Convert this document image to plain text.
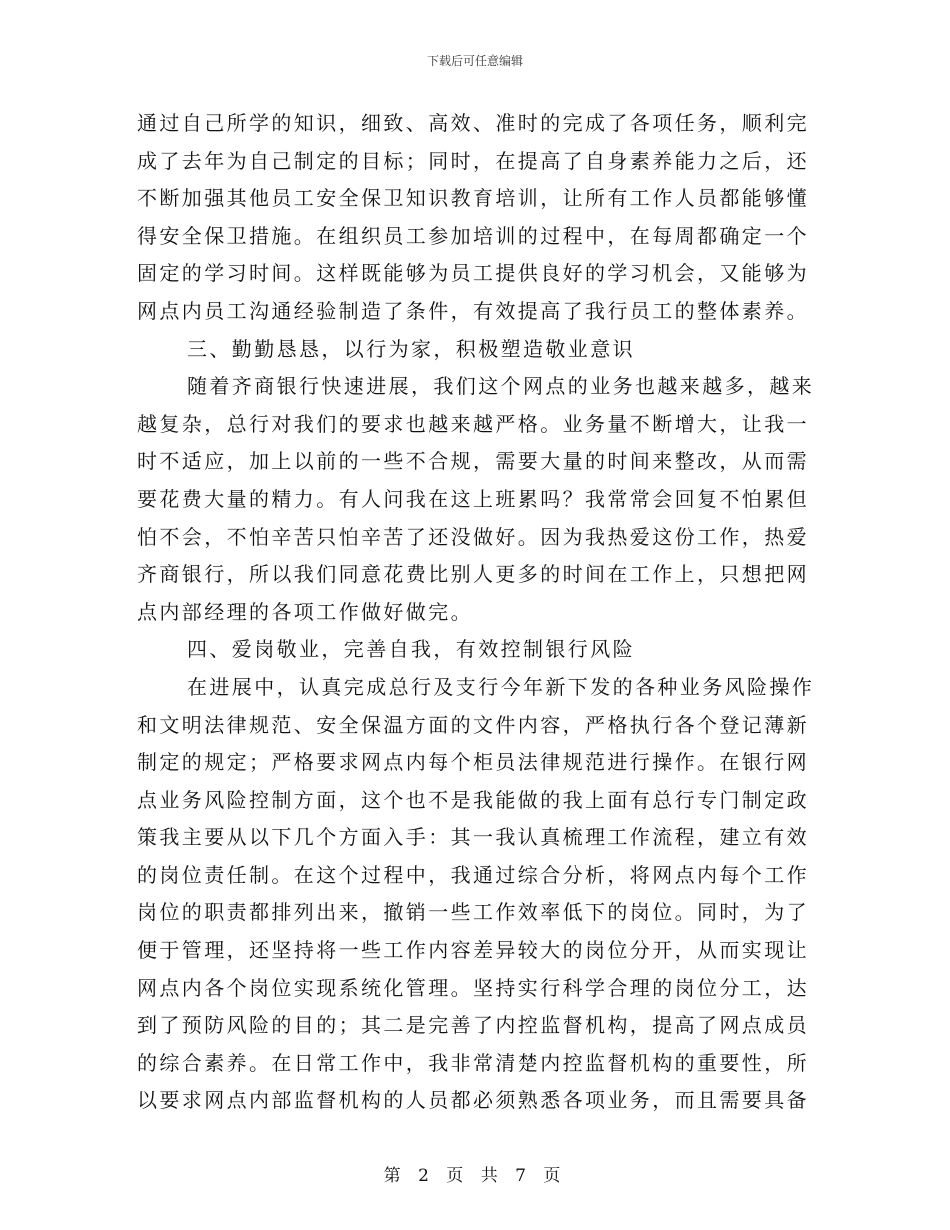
下载后可任意编辑
通过自己所学的知识，细致、高效、准时的完成了各项任务，顺利完
成了去年为自己制定的目标；同时，在提高了自身素养能力之后，还
不断加强其他员工安全保卫知识教育培训，让所有工作人员都能够懂
得安全保卫措施。在组织员工参加培训的过程中，在每周都确定一个
固定的学习时间。这样既能够为员工提供良好的学习机会，又能够为
网点内员工沟通经验制造了条件，有效提高了我行员工的整体素养。
三、勤勤恳恳，以行为家，积极塑造敬业意识
随着齐商银行快速进展，我们这个网点的业务也越来越多，越来
越复杂，总行对我们的要求也越来越严格。业务量不断增大，让我一
时不适应，加上以前的一些不合规，需要大量的时间来整改，从而需
要花费大量的精力。有人问我在这上班累吗？我常常会回复不怕累但
怕不会，不怕辛苦只怕辛苦了还没做好。因为我热爱这份工作，热爱
齐商银行，所以我们同意花费比别人更多的时间在工作上，只想把网
点内部经理的各项工作做好做完。
四、爱岗敬业，完善自我，有效控制银行风险
在进展中，认真完成总行及支行今年新下发的各种业务风险操作
和文明法律规范、安全保温方面的文件内容，严格执行各个登记薄新
制定的规定；严格要求网点内每个柜员法律规范进行操作。在银行网
点业务风险控制方面，这个也不是我能做的我上面有总行专门制定政
策我主要从以下几个方面入手：其一我认真梳理工作流程，建立有效
的岗位责任制。在这个过程中，我通过综合分析，将网点内每个工作
岗位的职责都排列出来，撤销一些工作效率低下的岗位。同时，为了
便于管理，还坚持将一些工作内容差异较大的岗位分开，从而实现让
网点内各个岗位实现系统化管理。坚持实行科学合理的岗位分工，达
到了预防风险的目的；其二是完善了内控监督机构，提高了网点成员
的综合素养。在日常工作中，我非常清楚内控监督机构的重要性，所
以要求网点内部监督机构的人员都必须熟悉各项业务，而且需要具备
第 2 页 共 7 页
